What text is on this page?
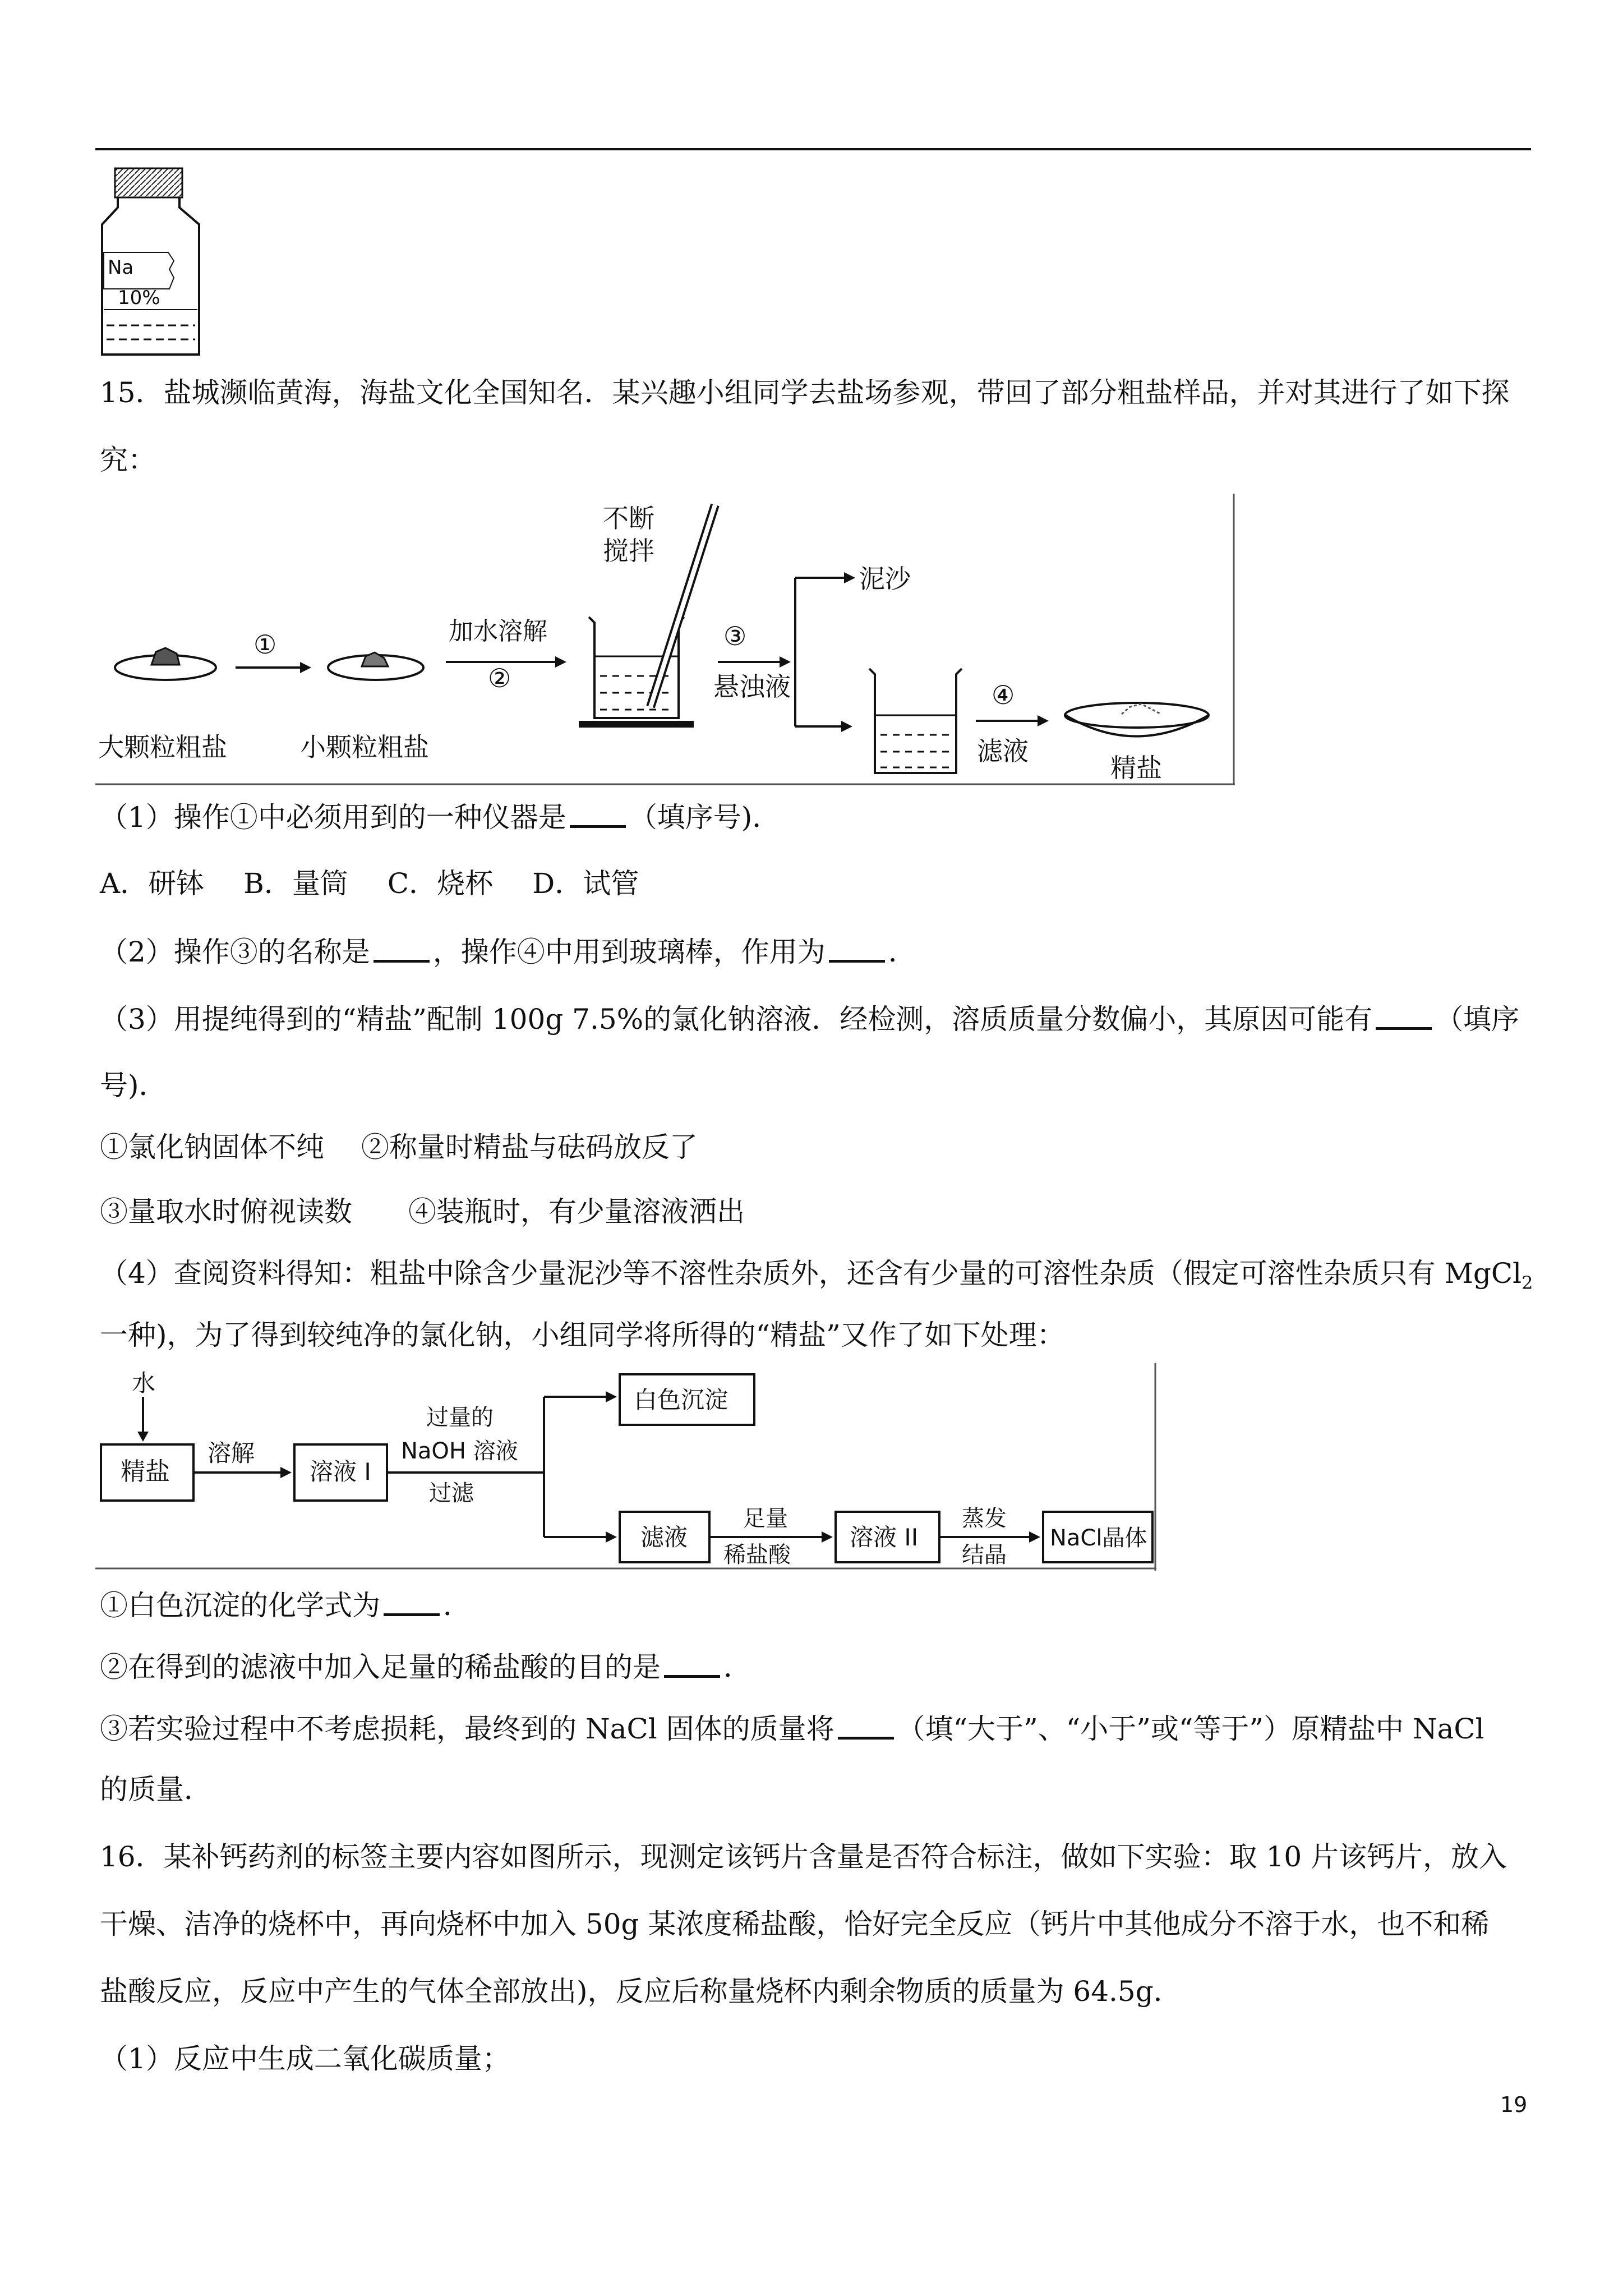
Na
10%
15．盐城濒临黄海，海盐文化全国知名．某兴趣小组同学去盐场参观，带回了部分粗盐样品，并对其进行了如下探
究：
①	加水溶解
②
不断
搅拌
③
悬浊液
泥沙
④
滤液
大颗粒粗盐	小颗粒粗盐
精盐
（1）操作①中必须用到的一种仪器是 （填序号)．
A．研钵 B．量筒 C．烧杯 D．试管
（2）操作③的名称是 ，操作④中用到玻璃棒，作用为 ．
（3）用提纯得到的“精盐”配制 100g 7.5%的氯化钠溶液．经检测，溶质质量分数偏小，其原因可能有 （填序
号)．
①氯化钠固体不纯　 ②称量时精盐与砝码放反了
③量取水时俯视读数　　④装瓶时，有少量溶液洒出
（4）查阅资料得知：粗盐中除含少量泥沙等不溶性杂质外，还含有少量的可溶性杂质（假定可溶性杂质只有 MgCl$_2$
一种)，为了得到较纯净的氯化钠，小组同学将所得的“精盐”又作了如下处理：
水
精盐
溶解
溶液 I
过量的
NaOH 溶液
过滤
白色沉淀
滤液
足量
稀盐酸
溶液 II
蒸发
结晶
NaCl晶体
①白色沉淀的化学式为 ．
②在得到的滤液中加入足量的稀盐酸的目的是 ．
③若实验过程中不考虑损耗，最终到的 NaCl 固体的质量将 （填“大于”、“小于”或“等于”）原精盐中 NaCl
的质量．
16．某补钙药剂的标签主要内容如图所示，现测定该钙片含量是否符合标注，做如下实验：取 10 片该钙片，放入
干燥、洁净的烧杯中，再向烧杯中加入 50g 某浓度稀盐酸，恰好完全反应（钙片中其他成分不溶于水，也不和稀
盐酸反应，反应中产生的气体全部放出)，反应后称量烧杯内剩余物质的质量为 64.5g．
（1）反应中生成二氧化碳质量；
19
